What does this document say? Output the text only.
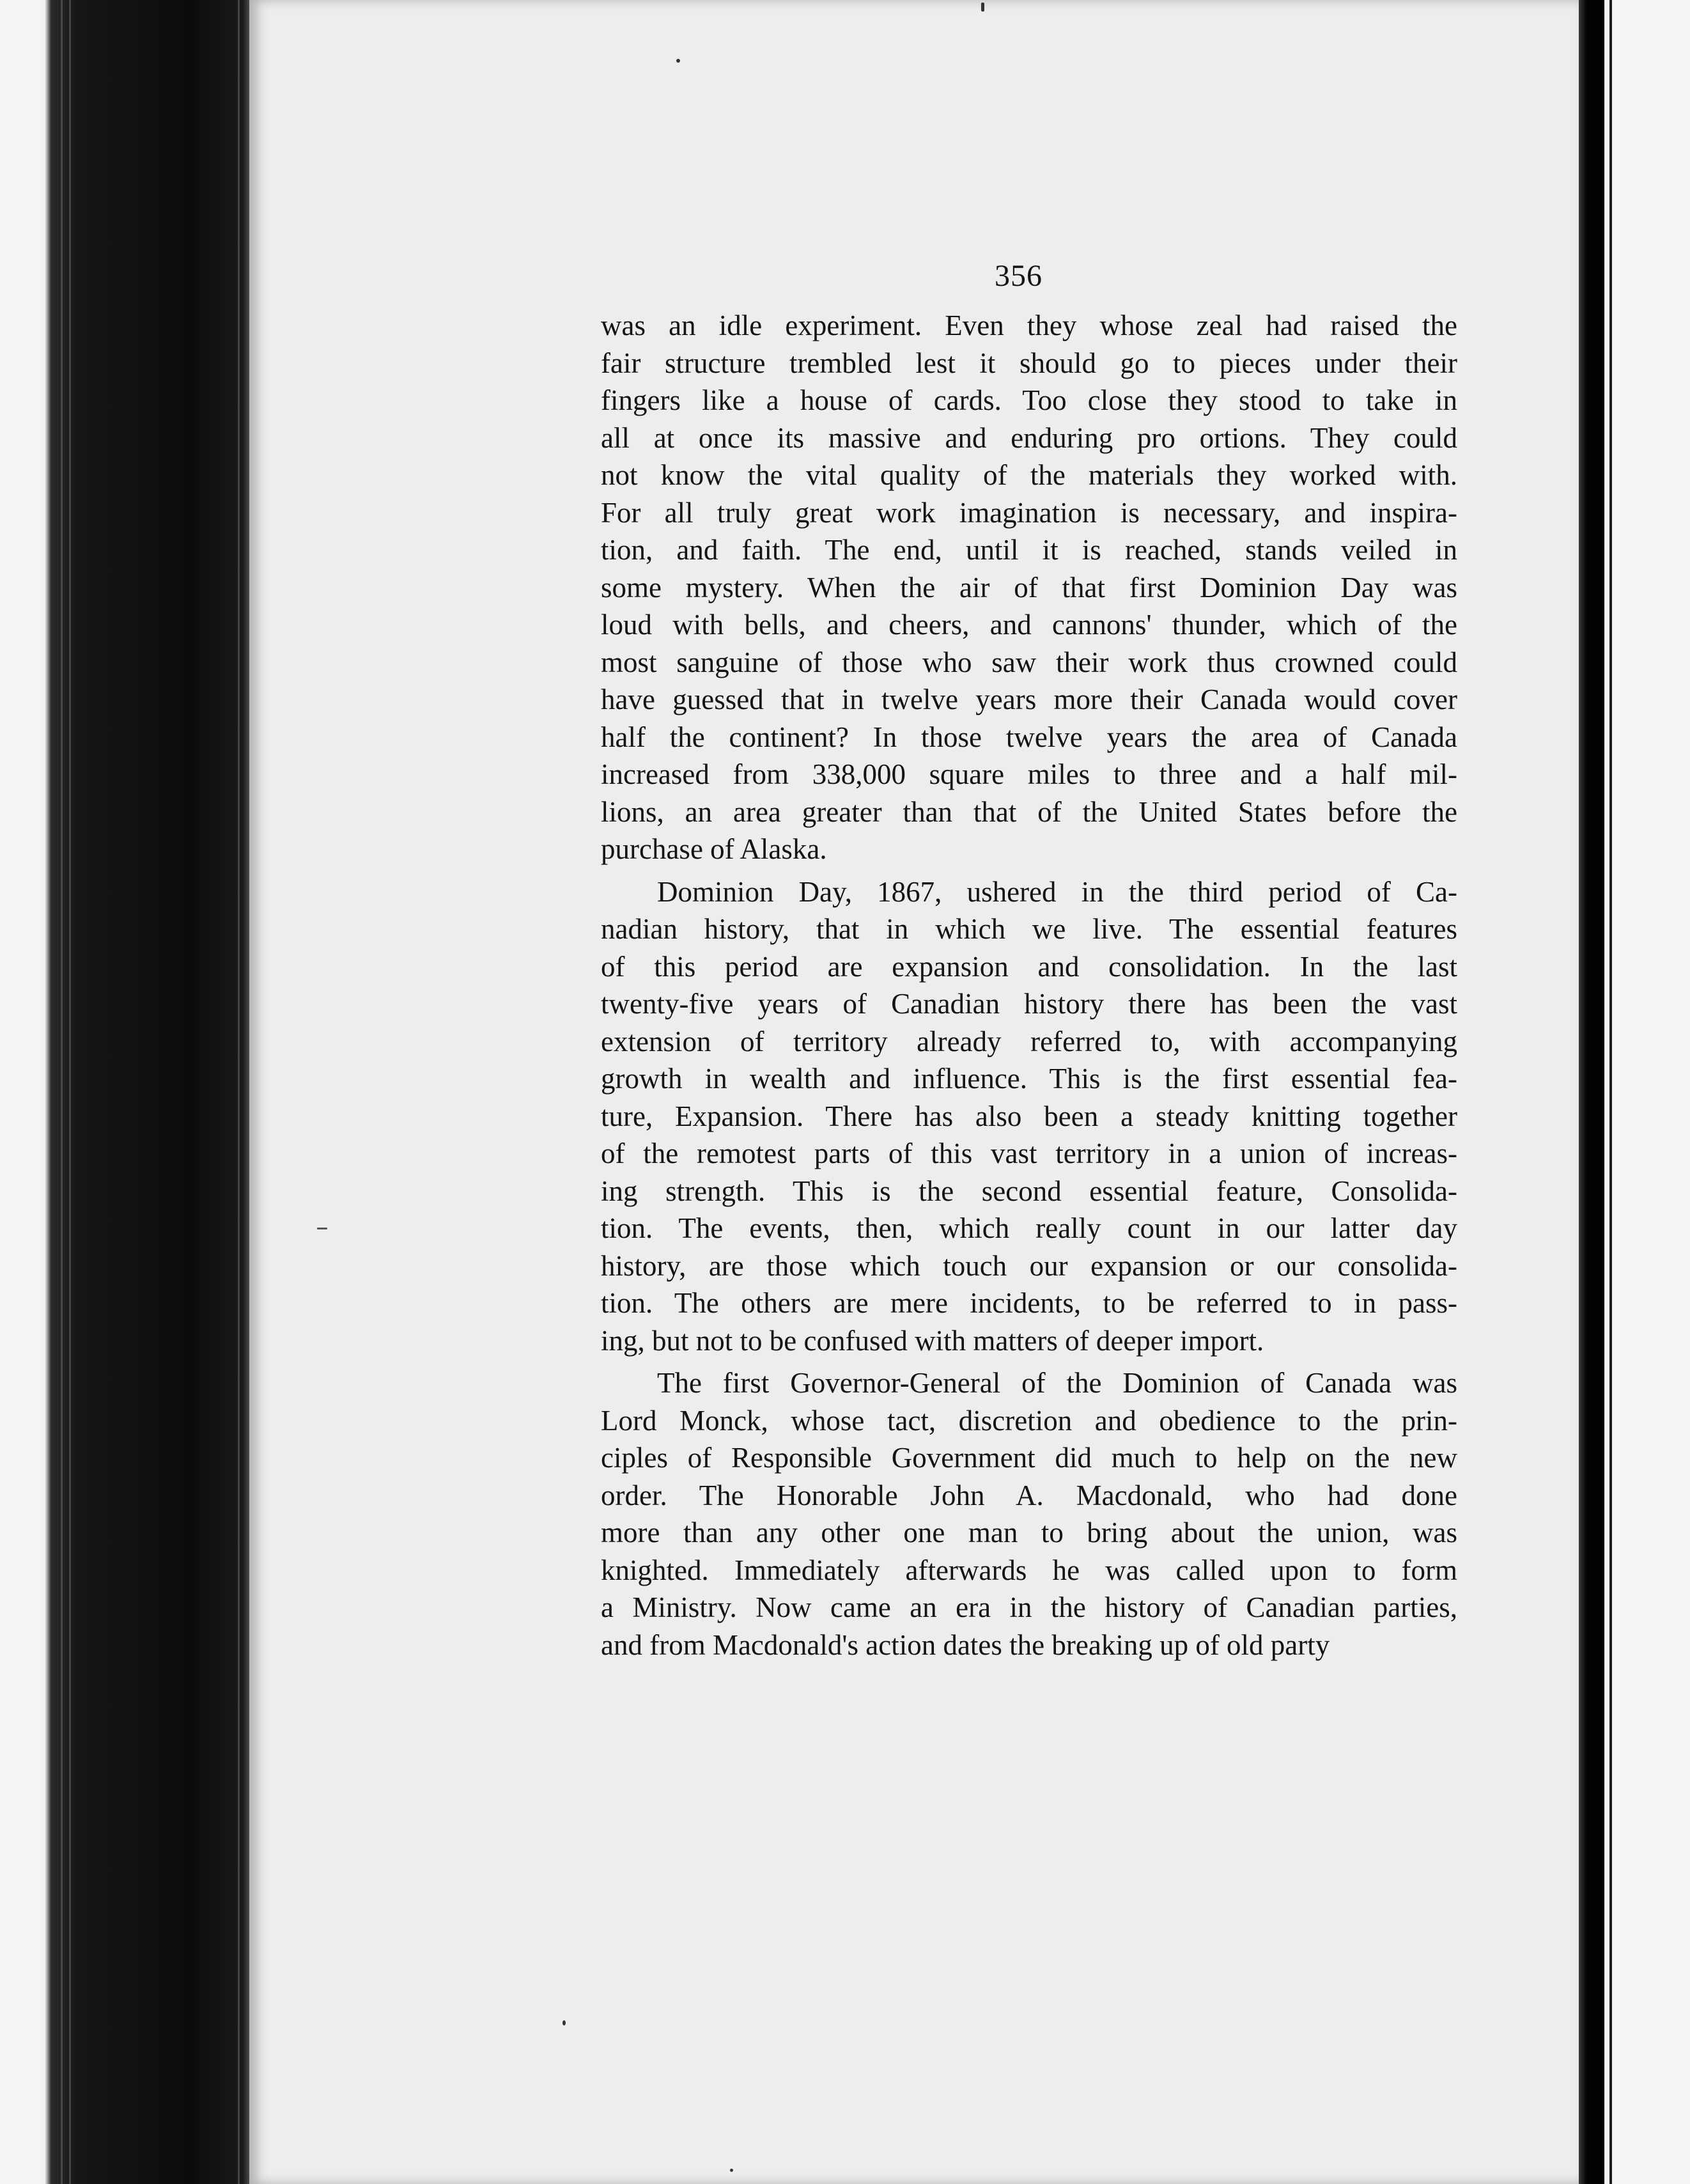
356
was an idle experiment. Even they whose zeal had raised the
fair structure trembled lest it should go to pieces under their
fingers like a house of cards. Too close they stood to take in
all at once its massive and enduring pro ortions. They could
not know the vital quality of the materials they worked with.
For all truly great work imagination is necessary, and inspira-
tion, and faith. The end, until it is reached, stands veiled in
some mystery. When the air of that first Dominion Day was
loud with bells, and cheers, and cannons' thunder, which of the
most sanguine of those who saw their work thus crowned could
have guessed that in twelve years more their Canada would cover
half the continent? In those twelve years the area of Canada
increased from 338,000 square miles to three and a half mil-
lions, an area greater than that of the United States before the
purchase of Alaska.
Dominion Day, 1867, ushered in the third period of Ca-
nadian history, that in which we live. The essential features
of this period are expansion and consolidation. In the last
twenty-five years of Canadian history there has been the vast
extension of territory already referred to, with accompanying
growth in wealth and influence. This is the first essential fea-
ture, Expansion. There has also been a steady knitting together
of the remotest parts of this vast territory in a union of increas-
ing strength. This is the second essential feature, Consolida-
tion. The events, then, which really count in our latter day
history, are those which touch our expansion or our consolida-
tion. The others are mere incidents, to be referred to in pass-
ing, but not to be confused with matters of deeper import.
The first Governor-General of the Dominion of Canada was
Lord Monck, whose tact, discretion and obedience to the prin-
ciples of Responsible Government did much to help on the new
order. The Honorable John A. Macdonald, who had done
more than any other one man to bring about the union, was
knighted. Immediately afterwards he was called upon to form
a Ministry. Now came an era in the history of Canadian parties,
and from Macdonald's action dates the breaking up of old party
